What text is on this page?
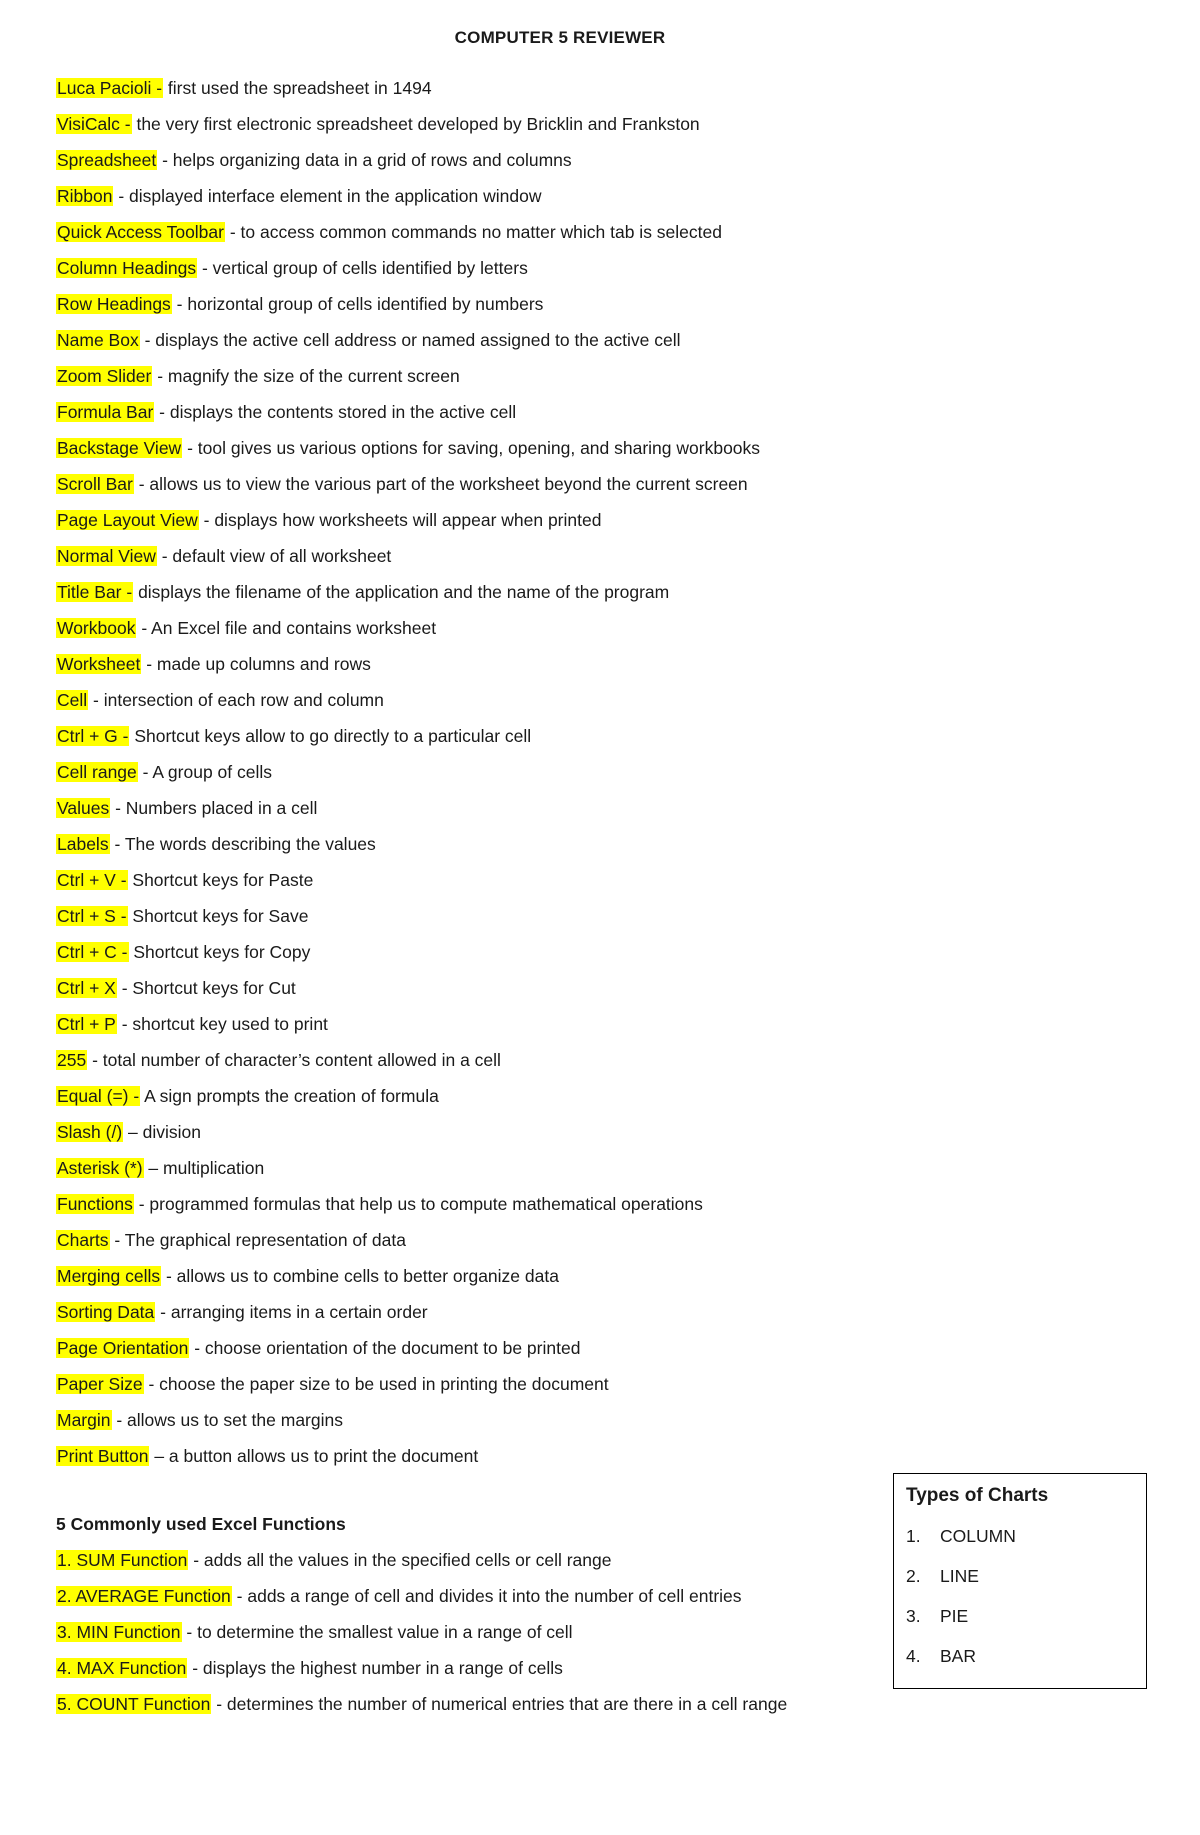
COMPUTER 5 REVIEWER
Luca Pacioli - first used the spreadsheet in 1494
VisiCalc - the very first electronic spreadsheet developed by Bricklin and Frankston
Spreadsheet - helps organizing data in a grid of rows and columns
Ribbon - displayed interface element in the application window
Quick Access Toolbar - to access common commands no matter which tab is selected
Column Headings - vertical group of cells identified by letters
Row Headings - horizontal group of cells identified by numbers
Name Box - displays the active cell address or named assigned to the active cell
Zoom Slider - magnify the size of the current screen
Formula Bar - displays the contents stored in the active cell
Backstage View - tool gives us various options for saving, opening, and sharing workbooks
Scroll Bar - allows us to view the various part of the worksheet beyond the current screen
Page Layout View - displays how worksheets will appear when printed
Normal View - default view of all worksheet
Title Bar - displays the filename of the application and the name of the program
Workbook - An Excel file and contains worksheet
Worksheet - made up columns and rows
Cell - intersection of each row and column
Ctrl + G - Shortcut keys allow to go directly to a particular cell
Cell range - A group of cells
Values - Numbers placed in a cell
Labels - The words describing the values
Ctrl + V - Shortcut keys for Paste
Ctrl + S - Shortcut keys for Save
Ctrl + C - Shortcut keys for Copy
Ctrl + X - Shortcut keys for Cut
Ctrl + P - shortcut key used to print
255 - total number of character’s content allowed in a cell
Equal (=) - A sign prompts the creation of formula
Slash (/) – division
Asterisk (*) – multiplication
Functions - programmed formulas that help us to compute mathematical operations
Charts - The graphical representation of data
Merging cells - allows us to combine cells to better organize data
Sorting Data - arranging items in a certain order
Page Orientation - choose orientation of the document to be printed
Paper Size - choose the paper size to be used in printing the document
Margin - allows us to set the margins
Print Button – a button allows us to print the document
5 Commonly used Excel Functions
1. SUM Function - adds all the values in the specified cells or cell range
2. AVERAGE Function - adds a range of cell and divides it into the number of cell entries
3. MIN Function - to determine the smallest value in a range of cell
4. MAX Function - displays the highest number in a range of cells
5. COUNT Function - determines the number of numerical entries that are there in a cell range
Types of Charts
1. COLUMN
2. LINE
3. PIE
4. BAR
